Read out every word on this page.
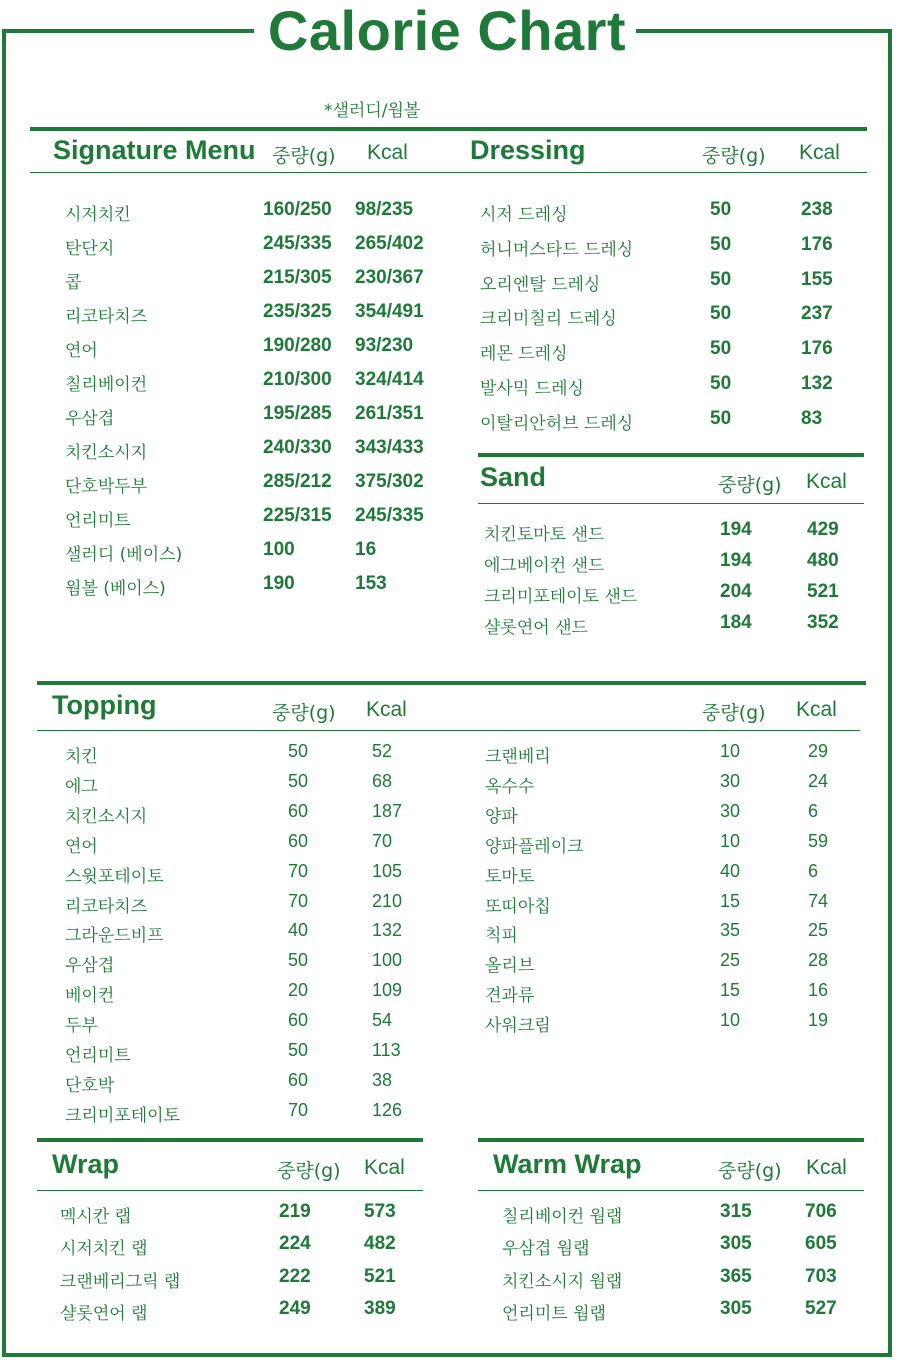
Calorie Chart
*샐러디/웜볼
Signature Menu 중량(g) Kcal
시저치킨	160/250 98/235
탄단지	245/335 265/402
콥	215/305 230/367
리코타치즈	235/325 354/491
연어	190/280 93/230
칠리베이컨	210/300 324/414
우삼겹	195/285 261/351
치킨소시지	240/330 343/433
단호박두부	285/212 375/302
언리미트	225/315 245/335
샐러디 (베이스)	100	16
웜볼 (베이스)	190	153
Dressing	중량(g) Kcal
시저 드레싱	50	238
허니머스타드 드레싱	50	176
오리엔탈 드레싱	50	155
크리미칠리 드레싱	50	237
레몬 드레싱	50	176
발사믹 드레싱	50	132
이탈리안허브 드레싱	50	83
Sand	중량(g) Kcal
치킨토마토 샌드	194	429
에그베이컨 샌드	194	480
크리미포테이토 샌드	204	521
샬롯연어 샌드	184	352
Topping	중량(g) Kcal	중량(g) Kcal
치킨	50	52
에그	50	68
치킨소시지	60	187
연어	60	70
스윗포테이토	70	105
리코타치즈	70	210
그라운드비프	40	132
우삼겹	50	100
베이컨	20	109
두부	60	54
언리미트	50	113
단호박	60	38
크리미포테이토	70	126
크랜베리	10	29
옥수수	30	24
양파	30	6
양파플레이크	10	59
토마토	40	6
또띠아칩	15	74
칙피	35	25
올리브	25	28
견과류	15	16
사워크림	10	19
Wrap	중량(g) Kcal
멕시칸 랩	219	573
시저치킨 랩	224	482
크랜베리그릭 랩	222	521
샬롯연어 랩	249	389
Warm Wrap	중량(g) Kcal
칠리베이컨 웜랩	315	706
우삼겹 웜랩	305	605
치킨소시지 웜랩	365	703
언리미트 웜랩	305	527
